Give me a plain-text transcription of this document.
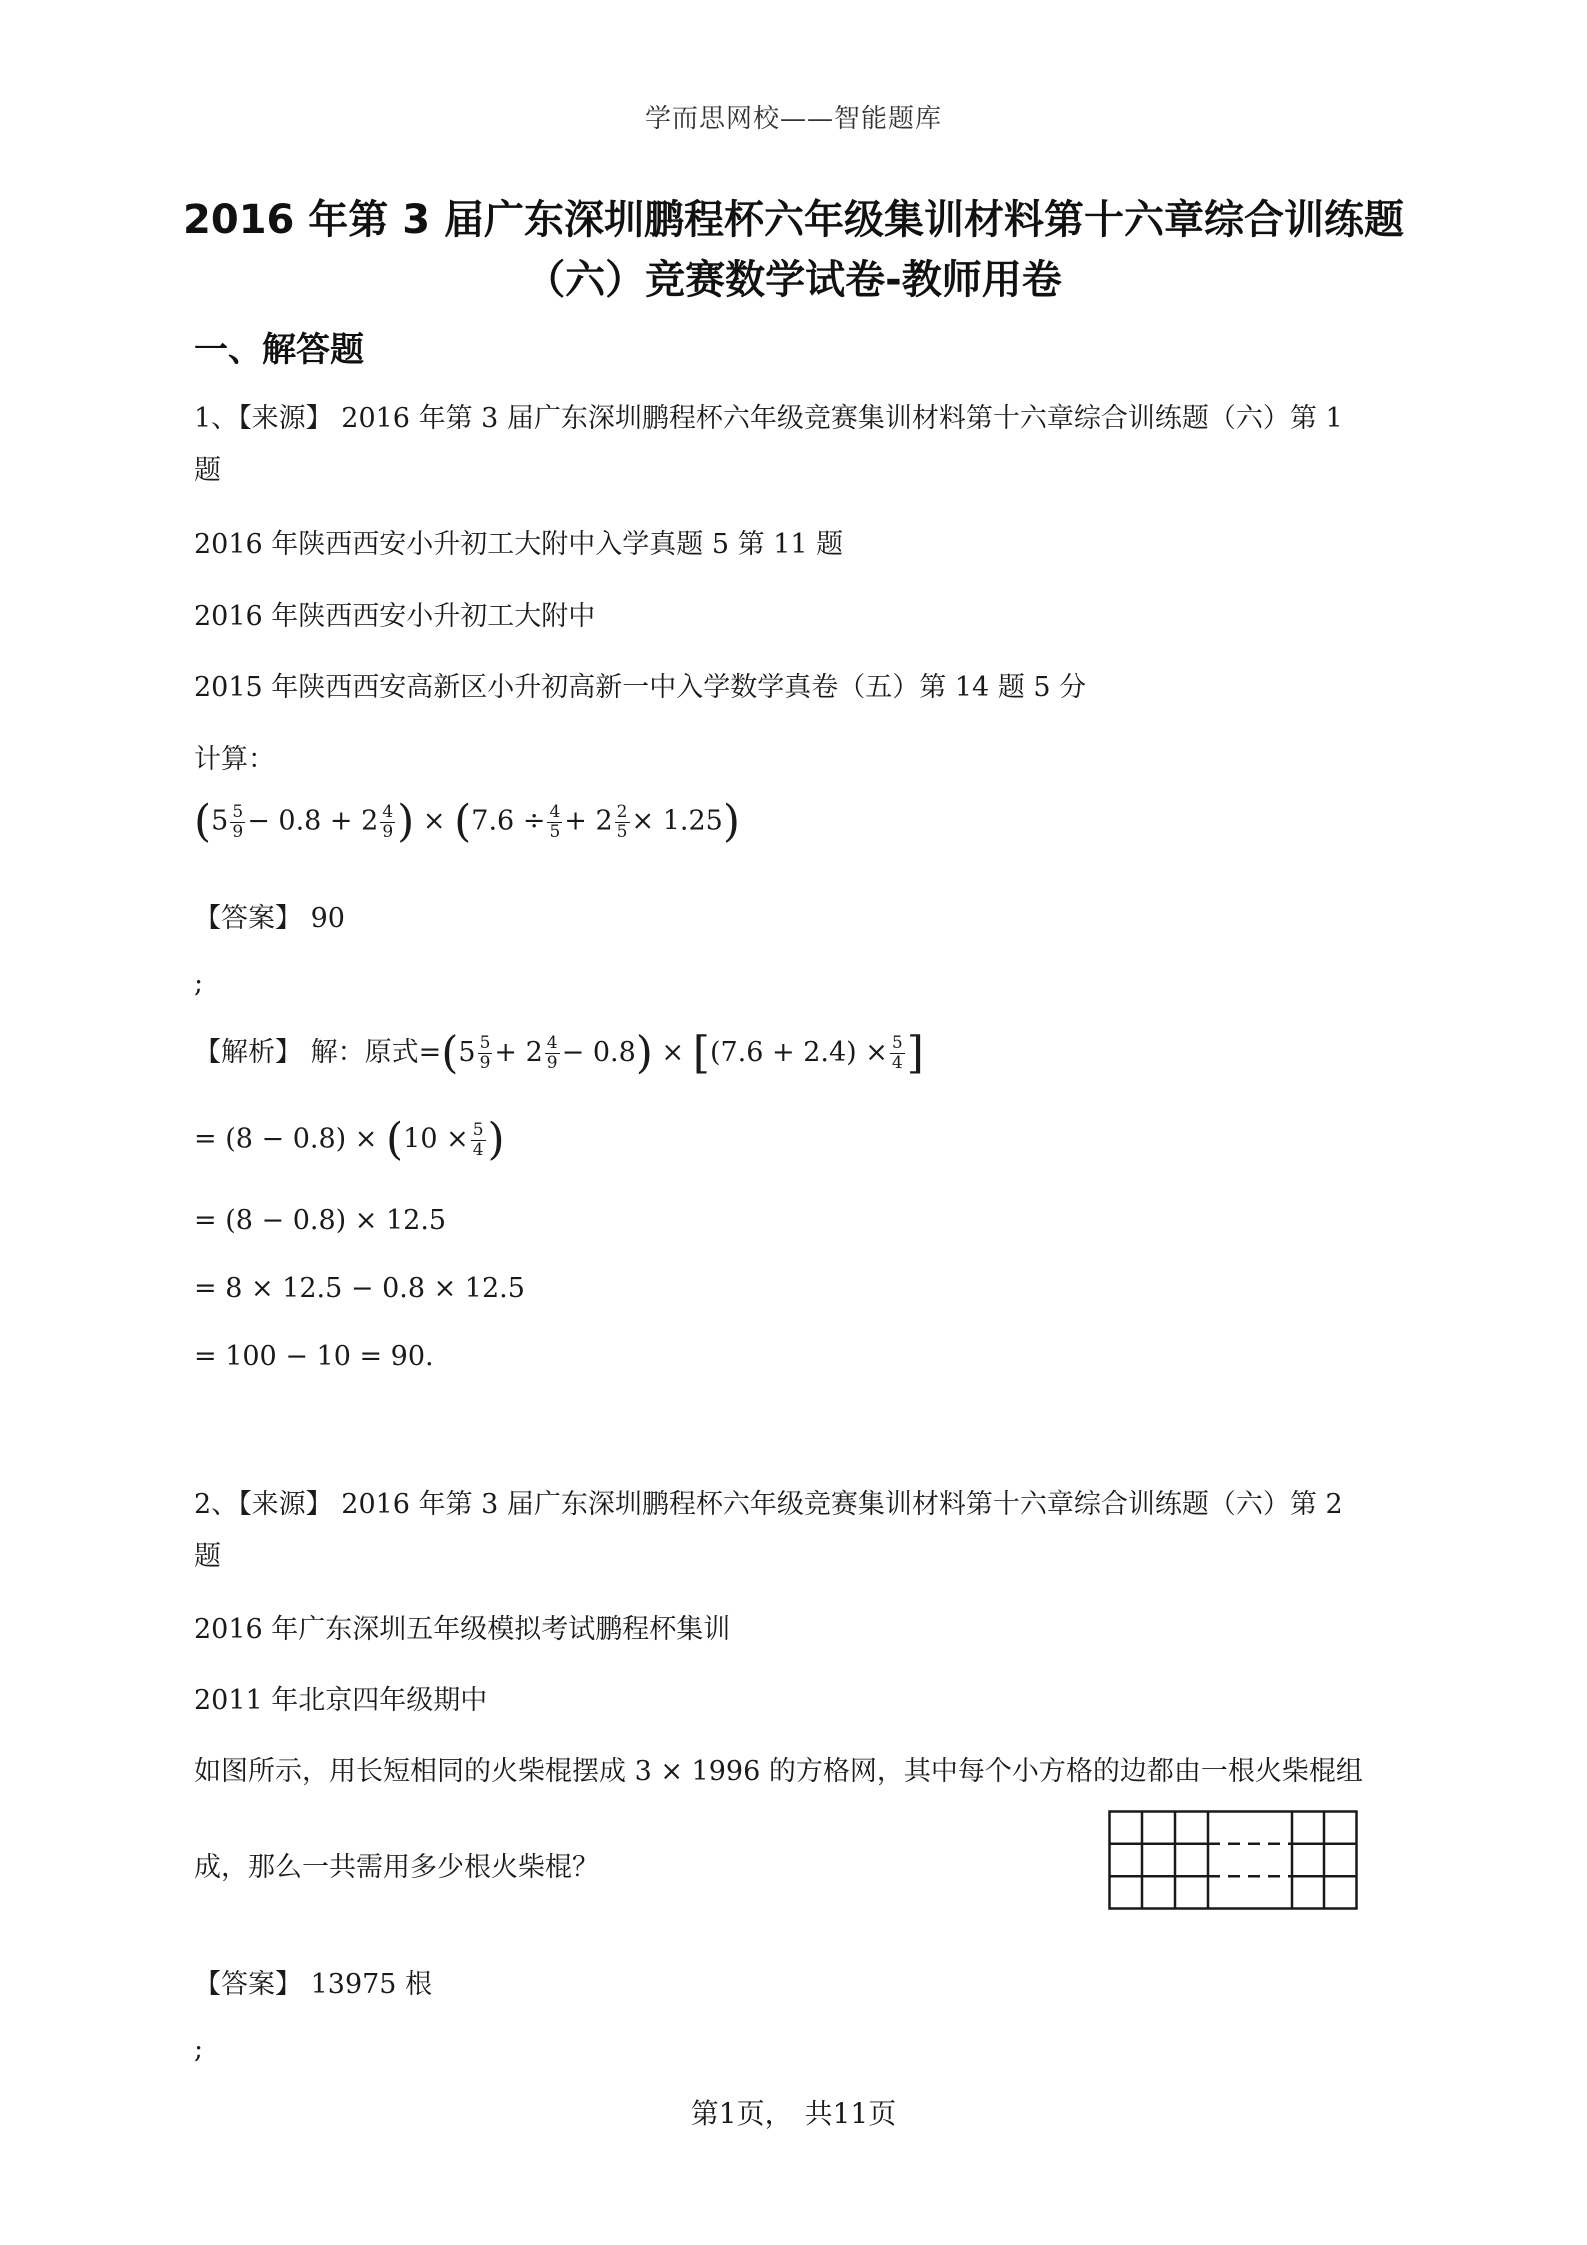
学而思网校——智能题库
2016 年第 3 届广东深圳鹏程杯六年级集训材料第十六章综合训练题
（六）竞赛数学试卷-教师用卷
一、解答题
1、【来源】 2016 年第 3 届广东深圳鹏程杯六年级竞赛集训材料第十六章综合训练题（六）第 1
题
2016 年陕西西安小升初工大附中入学真题 5 第 11 题
2016 年陕西西安小升初工大附中
2015 年陕西西安高新区小升初高新一中入学数学真卷（五）第 14 题 5 分
计算：
($5 \frac{5}{9} - 0.8 + 2 \frac{4}{9}$ ) × $(7.6 \div \frac{4}{5} + 2 \frac{2}{5} \times 1.25)$
【答案】 90
;
【解析】 解：原式$=(5 \frac{5}{9} + 2 \frac{4}{9} - 0.8) \times [(7.6 + 2.4) \times \frac{5}{4}$ ]
= $(8 - 0.8) \times (10 \times \frac{5}{4}$ )
= (8 − 0.8) × 12.5
= 8 × 12.5 − 0.8 × 12.5
= 100 − 10 = 90.
2、【来源】 2016 年第 3 届广东深圳鹏程杯六年级竞赛集训材料第十六章综合训练题（六）第 2
题
2016 年广东深圳五年级模拟考试鹏程杯集训
2011 年北京四年级期中
如图所示，用长短相同的火柴棍摆成 3 × 1996 的方格网，其中每个小方格的边都由一根火柴棍组
成，那么一共需用多少根火柴棍？
【答案】 13975 根
;
第1页， 共11页
